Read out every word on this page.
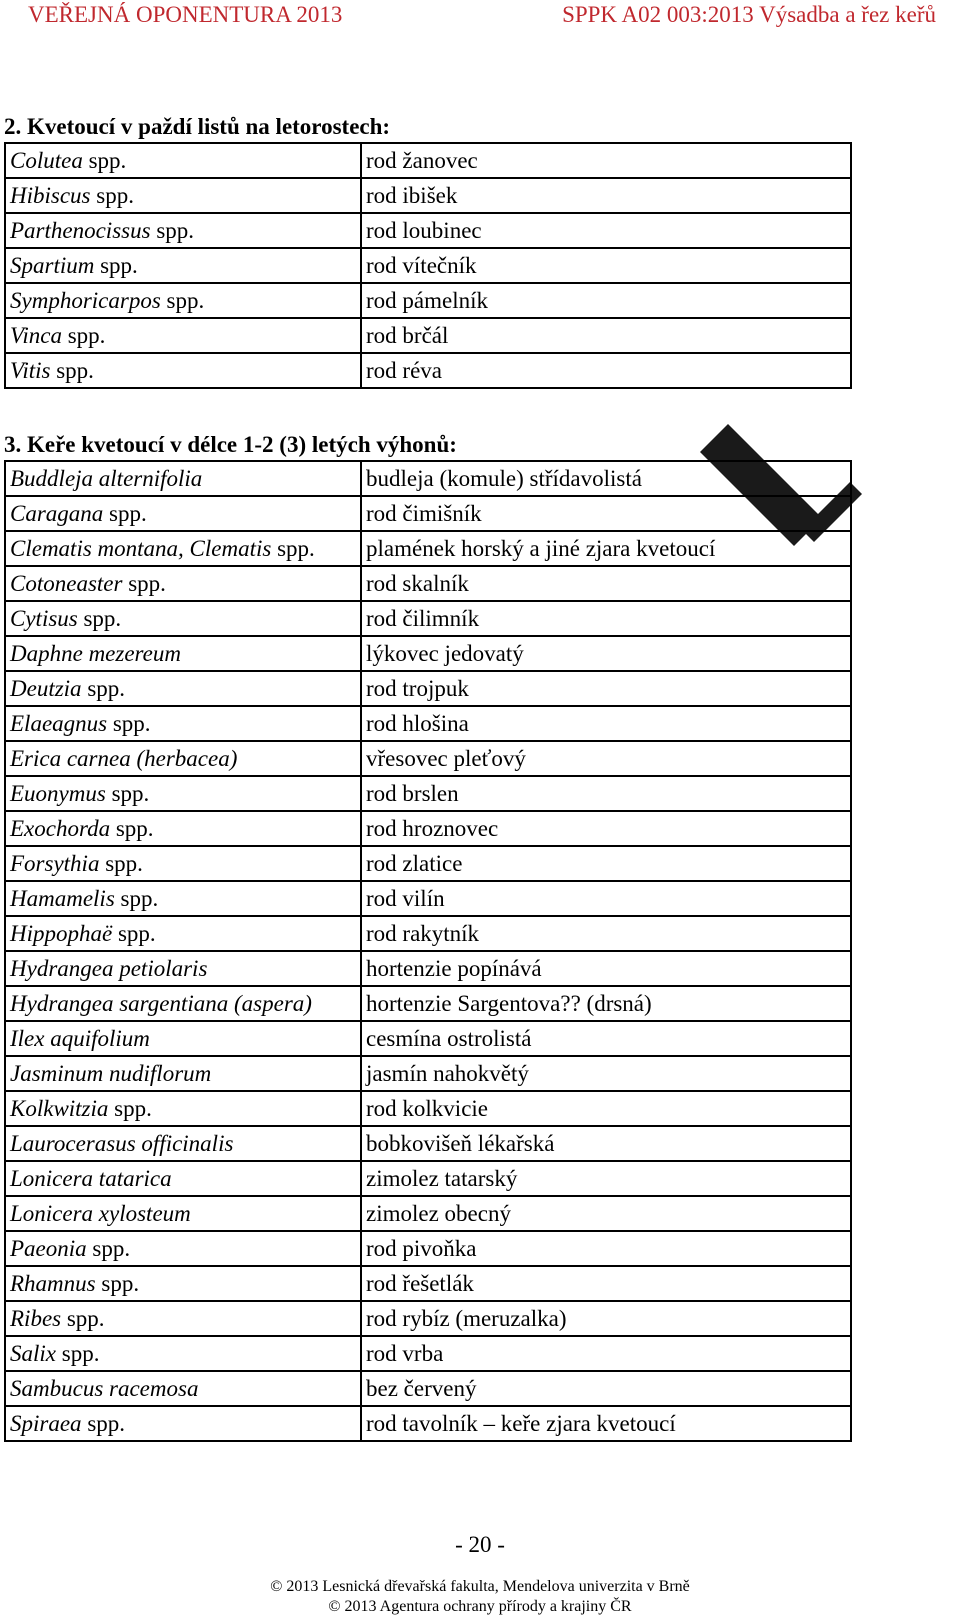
VEŘEJNÁ OPONENTURA 2013	SPPK A02 003:2013 Výsadba a řez keřů
2. Kvetoucí v paždí listů na letorostech:
Colutea spp.	rod žanovec
Hibiscus spp.	rod ibišek
Parthenocissus spp.	rod loubinec
Spartium spp.	rod vítečník
Symphoricarpos spp.	rod pámelník
Vinca spp.	rod brčál
Vitis spp.	rod réva
3. Keře kvetoucí v délce 1-2 (3) letých výhonů:
Buddleja alternifolia	budleja (komule) střídavolistá
Caragana spp.	rod čimišník
Clematis montana, Clematis spp.	plamének horský a jiné zjara kvetoucí
Cotoneaster spp.	rod skalník
Cytisus spp.	rod čilimník
Daphne mezereum	lýkovec jedovatý
Deutzia spp.	rod trojpuk
Elaeagnus spp.	rod hlošina
Erica carnea (herbacea)	vřesovec pleťový
Euonymus spp.	rod brslen
Exochorda spp.	rod hroznovec
Forsythia spp.	rod zlatice
Hamamelis spp.	rod vilín
Hippophaë spp.	rod rakytník
Hydrangea petiolaris	hortenzie popínává
Hydrangea sargentiana (aspera)	hortenzie Sargentova?? (drsná)
Ilex aquifolium	cesmína ostrolistá
Jasminum nudiflorum	jasmín nahokvětý
Kolkwitzia spp.	rod kolkvicie
Laurocerasus officinalis	bobkovišeň lékařská
Lonicera tatarica	zimolez tatarský
Lonicera xylosteum	zimolez obecný
Paeonia spp.	rod pivoňka
Rhamnus spp.	rod řešetlák
Ribes spp.	rod rybíz (meruzalka)
Salix spp.	rod vrba
Sambucus racemosa	bez červený
Spiraea spp.	rod tavolník – keře zjara kvetoucí
- 20 -
© 2013 Lesnická dřevařská fakulta, Mendelova univerzita v Brně
© 2013 Agentura ochrany přírody a krajiny ČR
